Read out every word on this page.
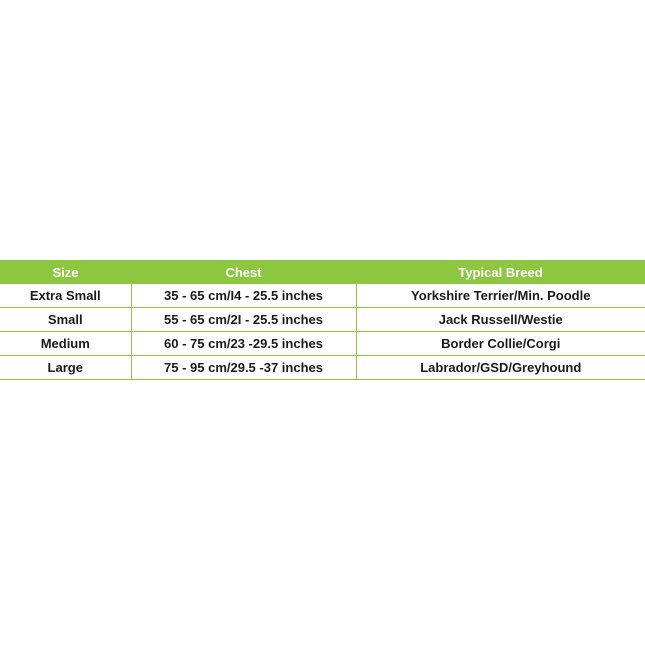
Size	Chest	Typical Breed
Extra Small	35 - 65 cm/I4 - 25.5 inches	Yorkshire Terrier/Min. Poodle
Small	55 - 65 cm/2I - 25.5 inches	Jack Russell/Westie
Medium	60 - 75 cm/23 -29.5 inches	Border Collie/Corgi
Large	75 - 95 cm/29.5 -37 inches	Labrador/GSD/Greyhound
